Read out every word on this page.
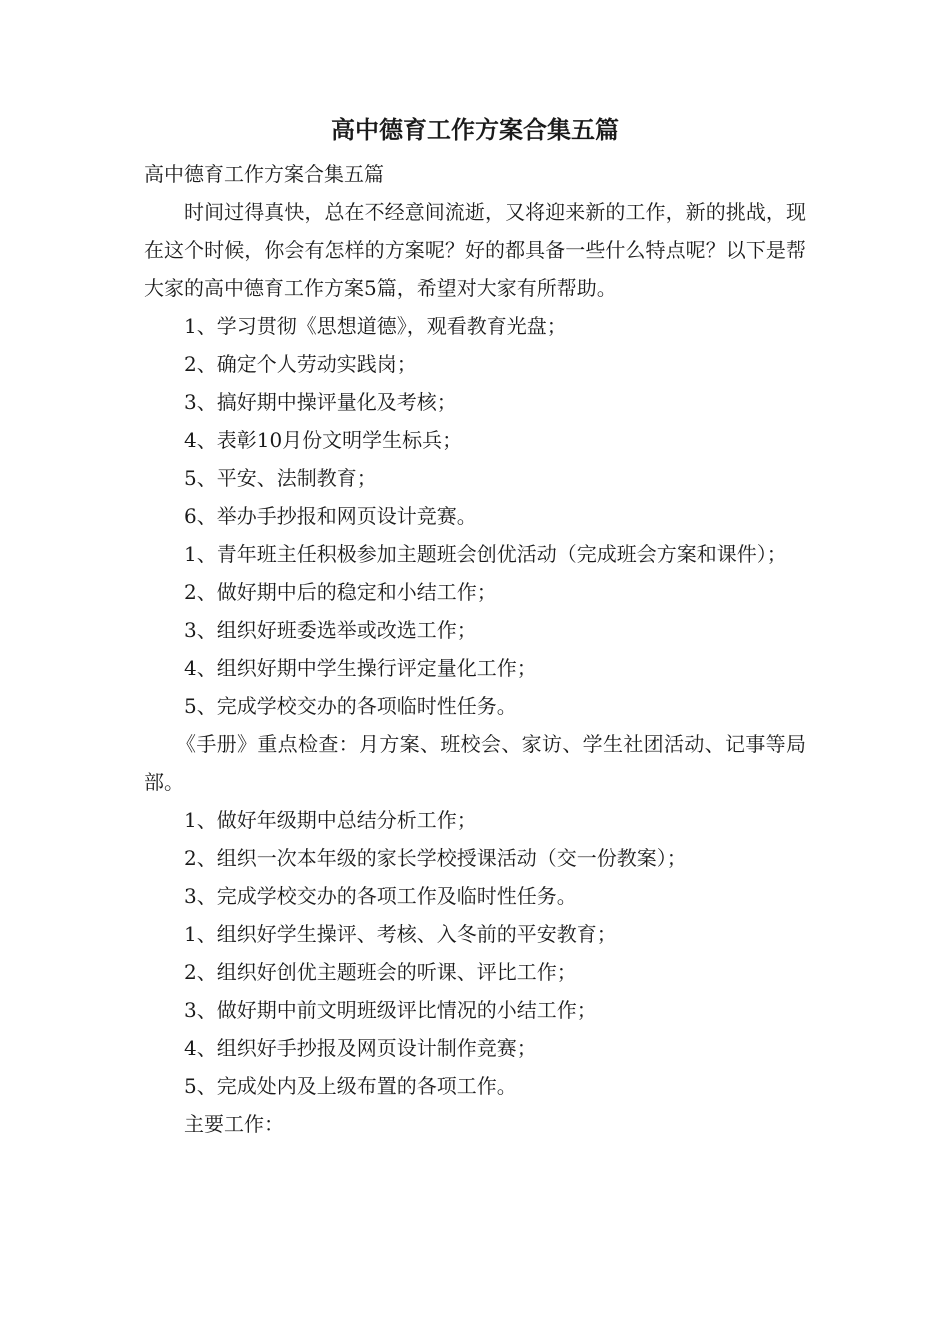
高中德育工作方案合集五篇

高中德育工作方案合集五篇

时间过得真快，总在不经意间流逝，又将迎来新的工作，新的挑战，现在这个时候，你会有怎样的方案呢？好的都具备一些什么特点呢？以下是帮大家的高中德育工作方案5篇，希望对大家有所帮助。

1、学习贯彻《思想道德》，观看教育光盘；

2、确定个人劳动实践岗；

3、搞好期中操评量化及考核；

4、表彰10月份文明学生标兵；

5、平安、法制教育；

6、举办手抄报和网页设计竞赛。

1、青年班主任积极参加主题班会创优活动（完成班会方案和课件）；

2、做好期中后的稳定和小结工作；

3、组织好班委选举或改选工作；

4、组织好期中学生操行评定量化工作；

5、完成学校交办的各项临时性任务。

《手册》重点检查：月方案、班校会、家访、学生社团活动、记事等局部。

1、做好年级期中总结分析工作；

2、组织一次本年级的家长学校授课活动（交一份教案）；

3、完成学校交办的各项工作及临时性任务。

1、组织好学生操评、考核、入冬前的平安教育；

2、组织好创优主题班会的听课、评比工作；

3、做好期中前文明班级评比情况的小结工作；

4、组织好手抄报及网页设计制作竞赛；

5、完成处内及上级布置的各项工作。

主要工作：
